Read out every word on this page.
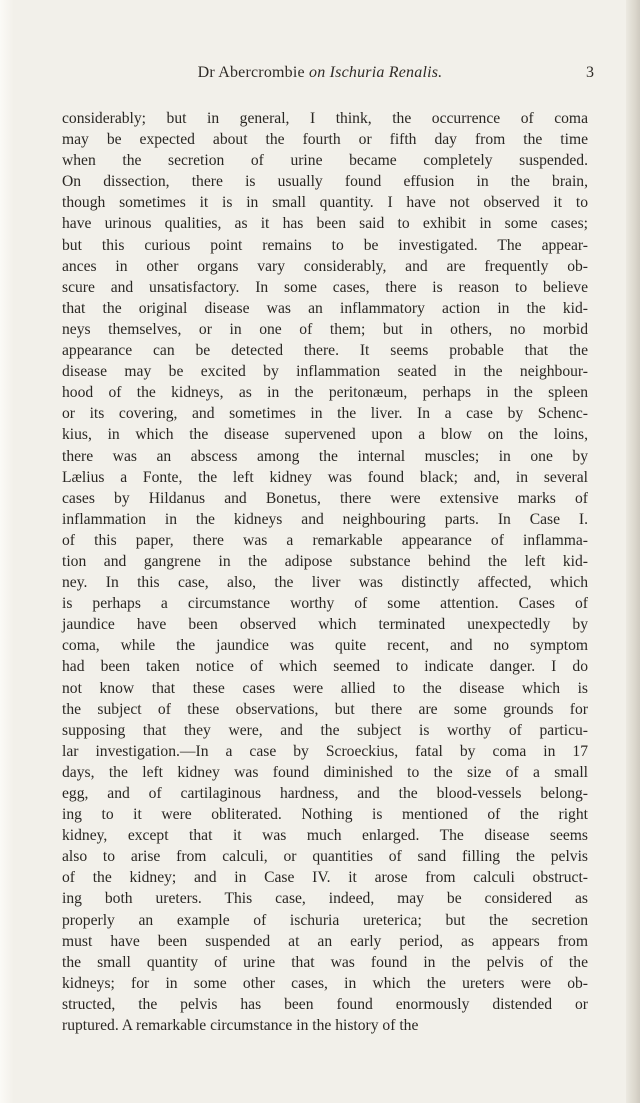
Dr Abercrombie on Ischuria Renalis.	3
considerably; but in general, I think, the occurrence of coma
may be expected about the fourth or fifth day from the time
when the secretion of urine became completely suspended.
On dissection, there is usually found effusion in the brain,
though sometimes it is in small quantity. I have not observed it to
have urinous qualities, as it has been said to exhibit in some cases;
but this curious point remains to be investigated. The appear-
ances in other organs vary considerably, and are frequently ob-
scure and unsatisfactory. In some cases, there is reason to believe
that the original disease was an inflammatory action in the kid-
neys themselves, or in one of them; but in others, no morbid
appearance can be detected there. It seems probable that the
disease may be excited by inflammation seated in the neighbour-
hood of the kidneys, as in the peritonæum, perhaps in the spleen
or its covering, and sometimes in the liver. In a case by Schenc-
kius, in which the disease supervened upon a blow on the loins,
there was an abscess among the internal muscles; in one by
Lælius a Fonte, the left kidney was found black; and, in several
cases by Hildanus and Bonetus, there were extensive marks of
inflammation in the kidneys and neighbouring parts. In Case I.
of this paper, there was a remarkable appearance of inflamma-
tion and gangrene in the adipose substance behind the left kid-
ney. In this case, also, the liver was distinctly affected, which
is perhaps a circumstance worthy of some attention. Cases of
jaundice have been observed which terminated unexpectedly by
coma, while the jaundice was quite recent, and no symptom
had been taken notice of which seemed to indicate danger. I do
not know that these cases were allied to the disease which is
the subject of these observations, but there are some grounds for
supposing that they were, and the subject is worthy of particu-
lar investigation.—In a case by Scroeckius, fatal by coma in 17
days, the left kidney was found diminished to the size of a small
egg, and of cartilaginous hardness, and the blood-vessels belong-
ing to it were obliterated. Nothing is mentioned of the right
kidney, except that it was much enlarged. The disease seems
also to arise from calculi, or quantities of sand filling the pelvis
of the kidney; and in Case IV. it arose from calculi obstruct-
ing both ureters. This case, indeed, may be considered as
properly an example of ischuria ureterica; but the secretion
must have been suspended at an early period, as appears from
the small quantity of urine that was found in the pelvis of the
kidneys; for in some other cases, in which the ureters were ob-
structed, the pelvis has been found enormously distended or
ruptured. A remarkable circumstance in the history of the
